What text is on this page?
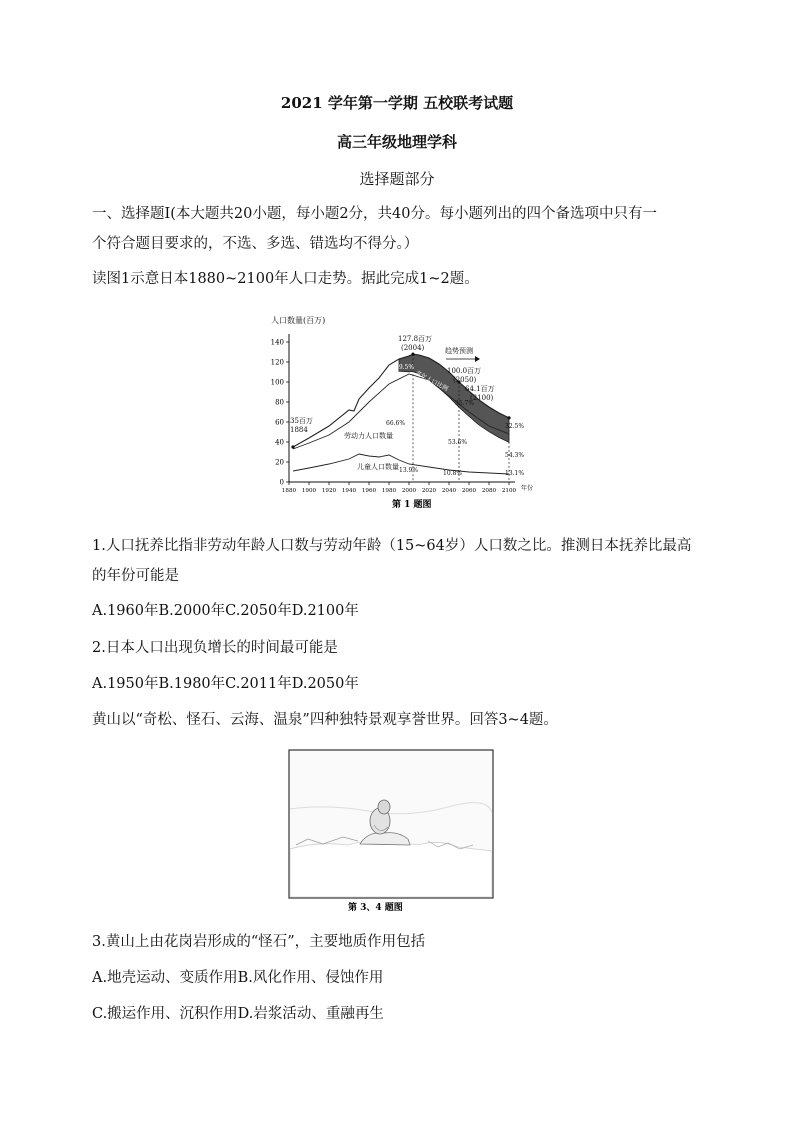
2021 学年第一学期 五校联考试题
高三年级地理学科
选择题部分
一、选择题I(本大题共20小题，每小题2分，共40分。每小题列出的四个备选项中只有一
个符合题目要求的，不选、多选、错选均不得分。）
读图1示意日本1880~2100年人口走势。据此完成1~2题。
0
20
40
60
80
100
120
140
1880 1900 1920 1940 1960 1980 2000 2020 2040 2060 2080 2100
人口数量(百万)
年份
35百万
1884
127.8百万
(2004)	趋势预测
100.0百万
(2050)
64.1百万
(2100)
劳动力人口数量
儿童人口数量
19.5%
66.6%
13.9%
老年人口比例
35.7%
53.6%
10.8%
32.5%
54.3%
13.1%
第 1 题图
1.人口抚养比指非劳动年龄人口数与劳动年龄（15~64岁）人口数之比。推测日本抚养比最高
的年份可能是
A.1960年B.2000年C.2050年D.2100年
2.日本人口出现负增长的时间最可能是
A.1950年B.1980年C.2011年D.2050年
黄山以“奇松、怪石、云海、温泉”四种独特景观享誉世界。回答3~4题。
第 3、4 题图
3.黄山上由花岗岩形成的“怪石”，主要地质作用包括
A.地壳运动、变质作用B.风化作用、侵蚀作用
C.搬运作用、沉积作用D.岩浆活动、重融再生
